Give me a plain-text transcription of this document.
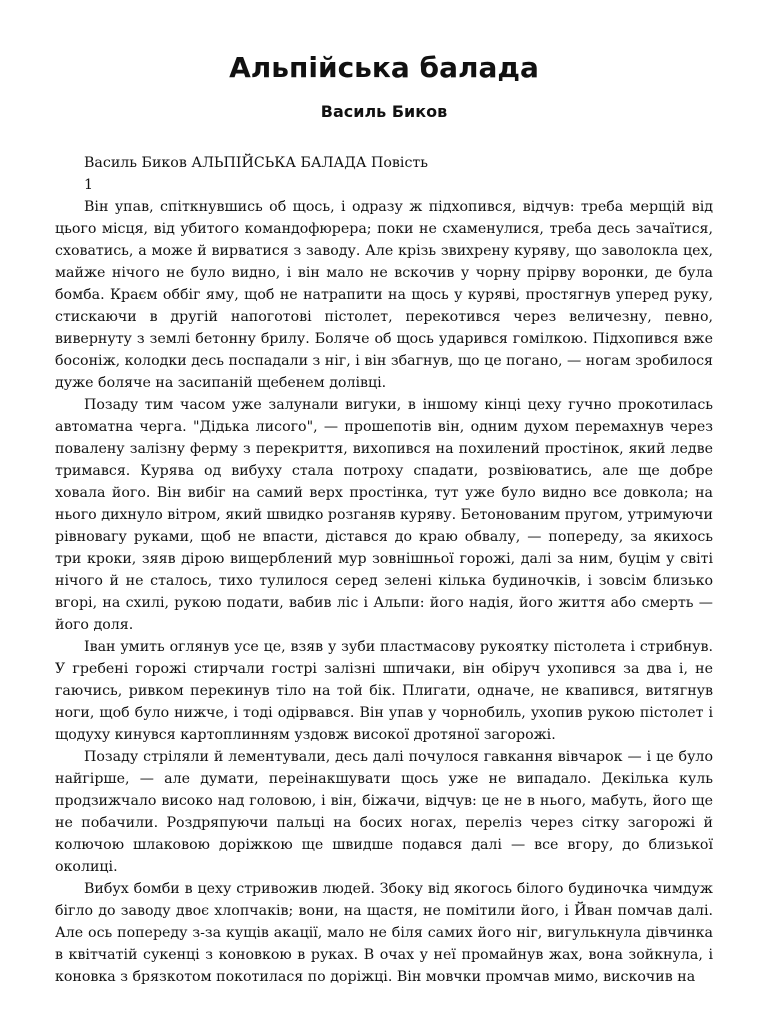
Альпійська балада
Василь Биков

Василь Биков АЛЬПІЙСЬКА БАЛАДА Повість

1

Він упав, спіткнувшись об щось, і одразу ж підхопився, відчув: треба мерщій від цього місця, від убитого командофюрера; поки не схаменулися, треба десь зачаїтися, сховатись, а може й вирватися з заводу. Але крізь звихрену куряву, що заволокла цех, майже нічого не було видно, і він мало не вскочив у чорну прірву воронки, де була бомба. Краєм оббіг яму, щоб не натрапити на щось у куряві, простягнув уперед руку, стискаючи в другій напоготові пістолет, перекотився через величезну, певно, вивернуту з землі бетонну брилу. Боляче об щось ударився гомілкою. Підхопився вже босоніж, колодки десь поспадали з ніг, і він збагнув, що це погано, — ногам зробилося дуже боляче на засипаній щебенем долівці.

Позаду тим часом уже залунали вигуки, в іншому кінці цеху гучно прокотилась автоматна черга. "Дідька лисого", — прошепотів він, одним духом перемахнув через повалену залізну ферму з перекриття, вихопився на похилений простінок, який ледве тримався. Курява од вибуху стала потроху спадати, розвіюватись, але ще добре ховала його. Він вибіг на самий верх простінка, тут уже було видно все довкола; на нього дихнуло вітром, який швидко розганяв куряву. Бетонованим пругом, утримуючи рівновагу руками, щоб не впасти, дістався до краю обвалу, — попереду, за якихось три кроки, зяяв дірою вищерблений мур зовнішньої горожі, далі за ним, буцім у світі нічого й не сталось, тихо тулилося серед зелені кілька будиночків, і зовсім близько вгорі, на схилі, рукою подати, вабив ліс і Альпи: його надія, його життя або смерть — його доля.

Іван умить оглянув усе це, взяв у зуби пластмасову рукоятку пістолета і стрибнув. У гребені горожі стирчали гострі залізні шпичаки, він обіруч ухопився за два і, не гаючись, ривком перекинув тіло на той бік. Плигати, одначе, не квапився, витягнув ноги, щоб було нижче, і тоді одірвався. Він упав у чорнобиль, ухопив рукою пістолет і щодуху кинувся картоплинням уздовж високої дротяної загорожі.

Позаду стріляли й лементували, десь далі почулося гавкання вівчарок — і це було найгірше, — але думати, переінакшувати щось уже не випадало. Декілька куль продзижчало високо над головою, і він, біжачи, відчув: це не в нього, мабуть, його ще не побачили. Роздряпуючи пальці на босих ногах, переліз через сітку загорожі й колючою шлаковою доріжкою ще швидше подався далі — все вгору, до близької околиці.

Вибух бомби в цеху стривожив людей. Збоку від якогось білого будиночка чимдуж бігло до заводу двоє хлопчаків; вони, на щастя, не помітили його, і Йван помчав далі. Але ось попереду з-за кущів акації, мало не біля самих його ніг, вигулькнула дівчинка в квітчатій сукенці з коновкою в руках. В очах у неї промайнув жах, вона зойкнула, і коновка з брязкотом покотилася по доріжці. Він мовчки промчав мимо, вискочив на
